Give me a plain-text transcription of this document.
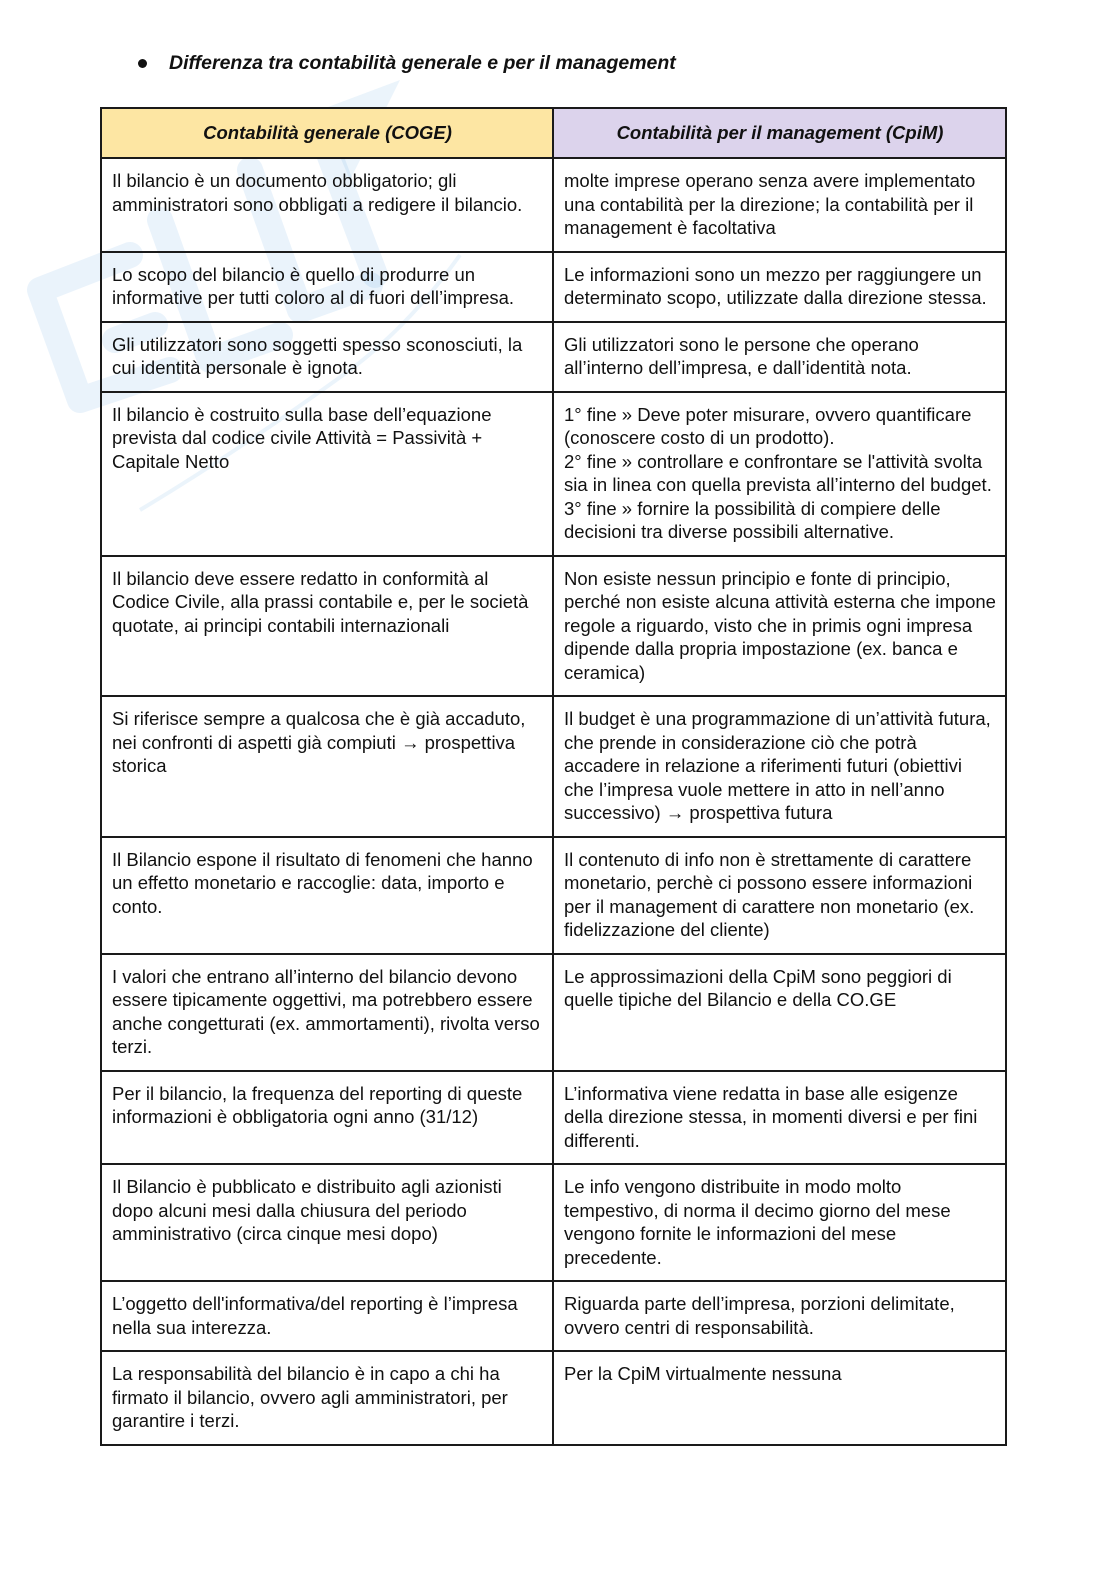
Differenza tra contabilità generale e per il management
Contabilità generale (COGE)	Contabilità per il management (CpiM)
Il bilancio è un documento obbligatorio; gli amministratori sono obbligati a redigere il bilancio.	molte imprese operano senza avere implementato una contabilità per la direzione; la contabilità per il management è facoltativa
Lo scopo del bilancio è quello di produrre un informative per tutti coloro al di fuori dell’impresa.	Le informazioni sono un mezzo per raggiungere un determinato scopo, utilizzate dalla direzione stessa.
Gli utilizzatori sono soggetti spesso sconosciuti, la cui identità personale è ignota.	Gli utilizzatori sono le persone che operano all’interno dell’impresa, e dall’identità nota.
Il bilancio è costruito sulla base dell’equazione prevista dal codice civile Attività = Passività + Capitale Netto	1° fine » Deve poter misurare, ovvero quantificare (conoscere costo di un prodotto).
2° fine » controllare e confrontare se l'attività svolta sia in linea con quella prevista all’interno del budget.
3° fine » fornire la possibilità di compiere delle decisioni tra diverse possibili alternative.
Il bilancio deve essere redatto in conformità al Codice Civile, alla prassi contabile e, per le società quotate, ai principi contabili internazionali	Non esiste nessun principio e fonte di principio, perché non esiste alcuna attività esterna che impone regole a riguardo, visto che in primis ogni impresa dipende dalla propria impostazione (ex. banca e ceramica)
Si riferisce sempre a qualcosa che è già accaduto, nei confronti di aspetti già compiuti → prospettiva storica	Il budget è una programmazione di un’attività futura, che prende in considerazione ciò che potrà accadere in relazione a riferimenti futuri (obiettivi che l’impresa vuole mettere in atto in nell’anno successivo) → prospettiva futura
Il Bilancio espone il risultato di fenomeni che hanno un effetto monetario e raccoglie: data, importo e conto.	Il contenuto di info non è strettamente di carattere monetario, perchè ci possono essere informazioni per il management di carattere non monetario (ex. fidelizzazione del cliente)
I valori che entrano all’interno del bilancio devono essere tipicamente oggettivi, ma potrebbero essere anche congetturati (ex. ammortamenti), rivolta verso terzi.	Le approssimazioni della CpiM sono peggiori di quelle tipiche del Bilancio e della CO.GE
Per il bilancio, la frequenza del reporting di queste informazioni è obbligatoria ogni anno (31/12)	L’informativa viene redatta in base alle esigenze della direzione stessa, in momenti diversi e per fini differenti.
Il Bilancio è pubblicato e distribuito agli azionisti dopo alcuni mesi dalla chiusura del periodo amministrativo (circa cinque mesi dopo)	Le info vengono distribuite in modo molto tempestivo, di norma il decimo giorno del mese vengono fornite le informazioni del mese precedente.
L’oggetto dell'informativa/del reporting è l’impresa nella sua interezza.	Riguarda parte dell’impresa, porzioni delimitate, ovvero centri di responsabilità.
La responsabilità del bilancio è in capo a chi ha firmato il bilancio, ovvero agli amministratori, per garantire i terzi.	Per la CpiM virtualmente nessuna
